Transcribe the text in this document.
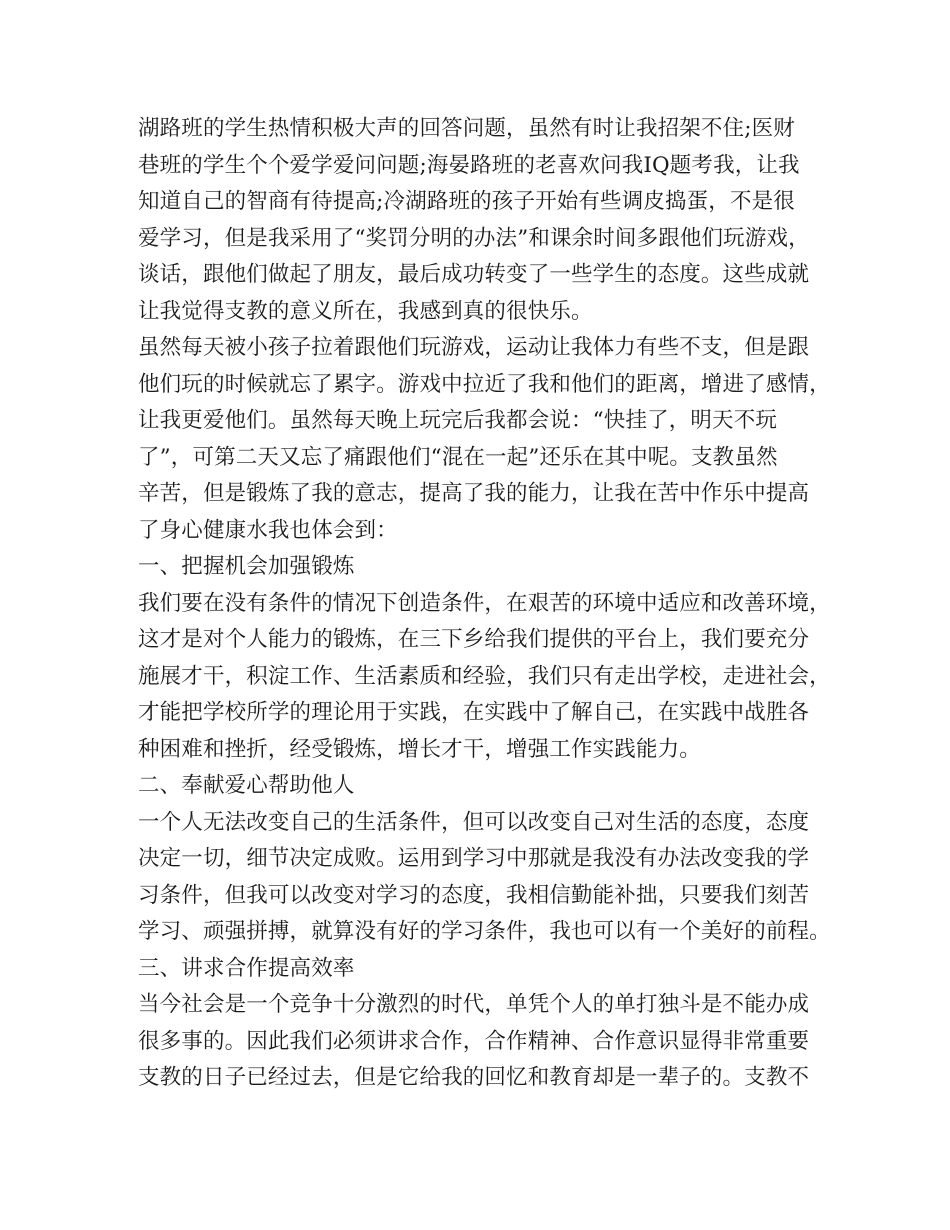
湖路班的学生热情积极大声的回答问题，虽然有时让我招架不住;医财
巷班的学生个个爱学爱问问题;海晏路班的老喜欢问我IQ题考我，让我
知道自己的智商有待提高;冷湖路班的孩子开始有些调皮捣蛋，不是很
爱学习，但是我采用了“奖罚分明的办法”和课余时间多跟他们玩游戏，
谈话，跟他们做起了朋友，最后成功转变了一些学生的态度。这些成就
让我觉得支教的意义所在，我感到真的很快乐。
虽然每天被小孩子拉着跟他们玩游戏，运动让我体力有些不支，但是跟
他们玩的时候就忘了累字。游戏中拉近了我和他们的距离，增进了感情，
让我更爱他们。虽然每天晚上玩完后我都会说：“快挂了，明天不玩
了”，可第二天又忘了痛跟他们“混在一起”还乐在其中呢。支教虽然
辛苦，但是锻炼了我的意志，提高了我的能力，让我在苦中作乐中提高
了身心健康水我也体会到：
一、把握机会加强锻炼
我们要在没有条件的情况下创造条件，在艰苦的环境中适应和改善环境，
这才是对个人能力的锻炼，在三下乡给我们提供的平台上，我们要充分
施展才干，积淀工作、生活素质和经验，我们只有走出学校，走进社会，
才能把学校所学的理论用于实践，在实践中了解自己，在实践中战胜各
种困难和挫折，经受锻炼，增长才干，增强工作实践能力。
二、奉献爱心帮助他人
一个人无法改变自己的生活条件，但可以改变自己对生活的态度，态度
决定一切，细节决定成败。运用到学习中那就是我没有办法改变我的学
习条件，但我可以改变对学习的态度，我相信勤能补拙，只要我们刻苦
学习、顽强拼搏，就算没有好的学习条件，我也可以有一个美好的前程。
三、讲求合作提高效率
当今社会是一个竞争十分激烈的时代，单凭个人的单打独斗是不能办成
很多事的。因此我们必须讲求合作，合作精神、合作意识显得非常重要
支教的日子已经过去，但是它给我的回忆和教育却是一辈子的。支教不
